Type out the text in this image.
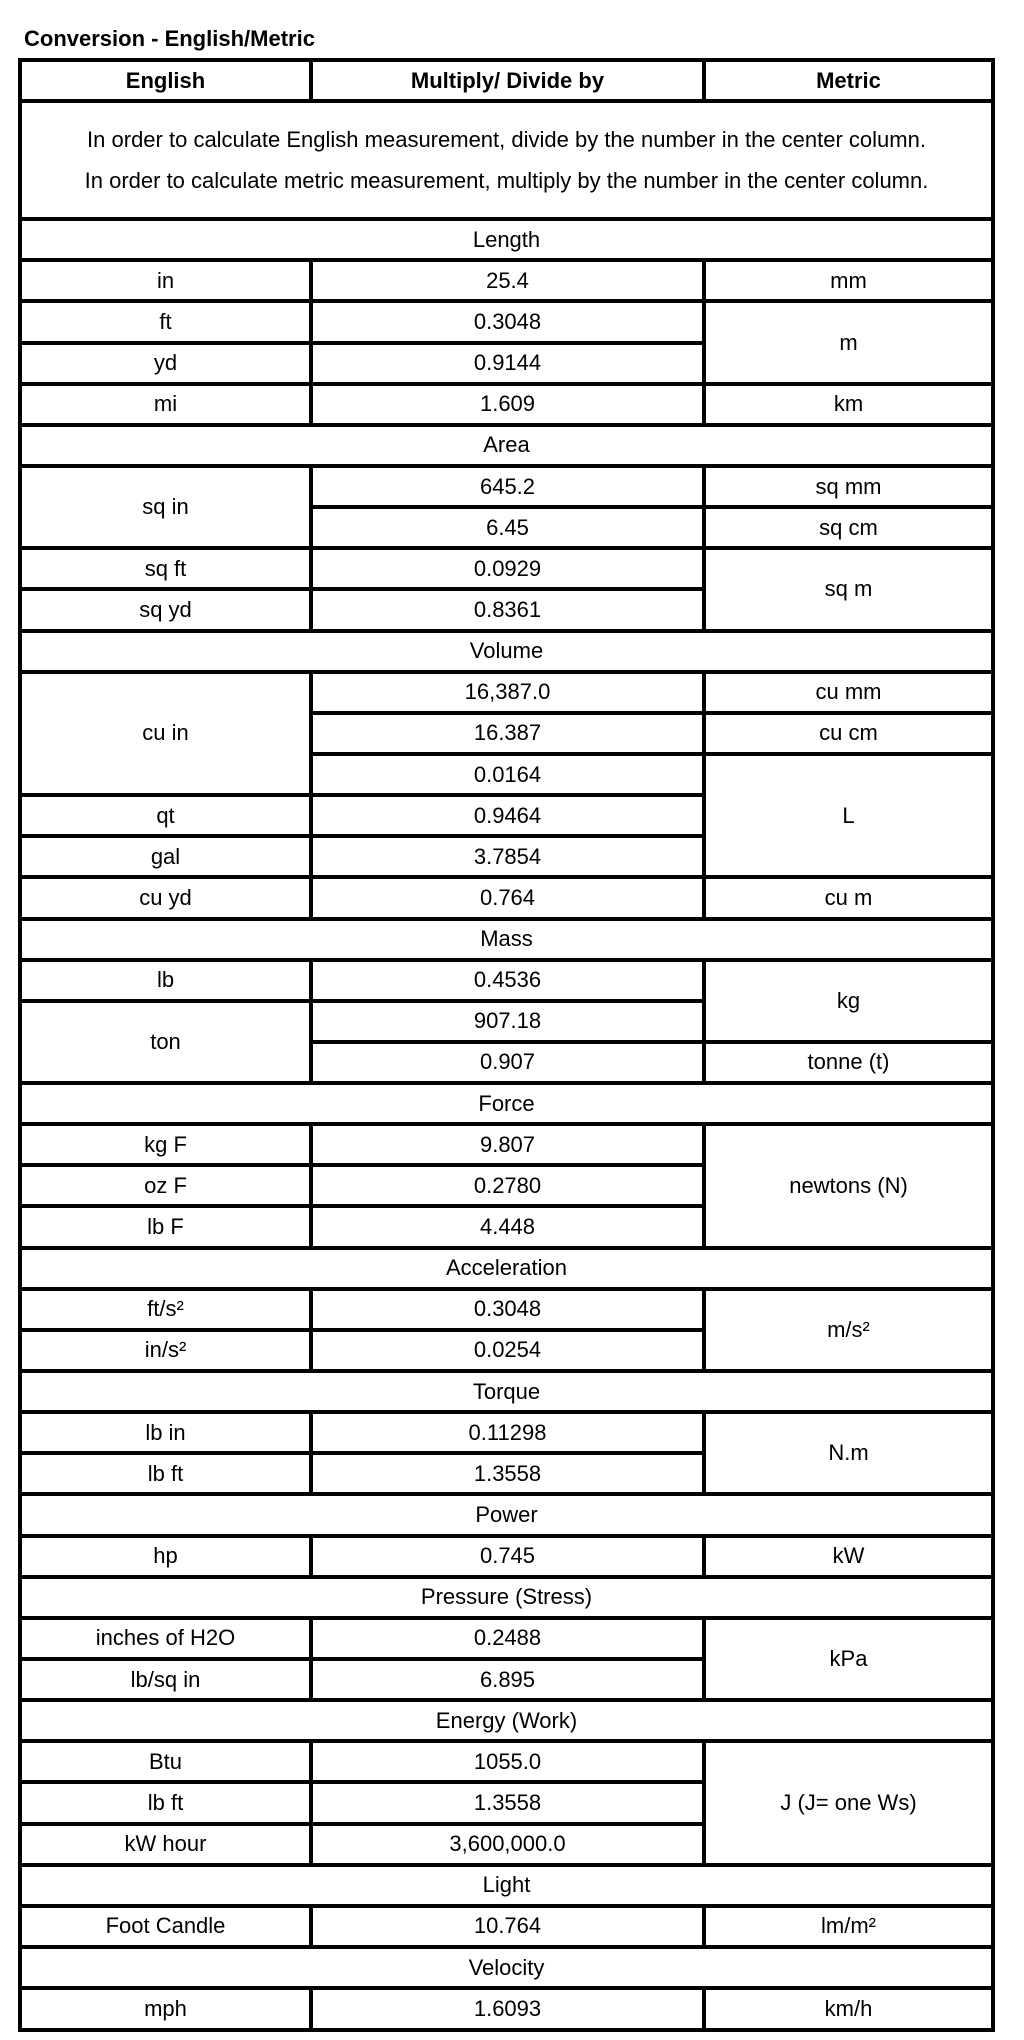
Conversion - English/Metric
English	Multiply/ Divide by	Metric

In order to calculate English measurement, divide by the number in the center column.
In order to calculate metric measurement, multiply by the number in the center column.		

Length		
in	25.4	mm
ft	0.3048	m
yd	0.9144	
mi	1.609	km
Area		
sq in	645.2	sq mm
	6.45	sq cm
sq ft	0.0929	sq m
sq yd	0.8361	
Volume		
cu in	16,387.0	cu mm
	16.387	cu cm
	0.0164	L
qt	0.9464	
gal	3.7854	
cu yd	0.764	cu m
Mass		
lb	0.4536	kg
ton	907.18	
	0.907	tonne (t)
Force		
kg F	9.807	newtons (N)
oz F	0.2780	
lb F	4.448	
Acceleration		
ft/s²	0.3048	m/s²
in/s²	0.0254	
Torque		
lb in	0.11298	N.m
lb ft	1.3558	
Power		
hp	0.745	kW
Pressure (Stress)		
inches of H2O	0.2488	kPa
lb/sq in	6.895	
Energy (Work)		
Btu	1055.0	J (J= one Ws)
lb ft	1.3558	
kW hour	3,600,000.0	
Light		
Foot Candle	10.764	lm/m²
Velocity		
mph	1.6093	km/h
